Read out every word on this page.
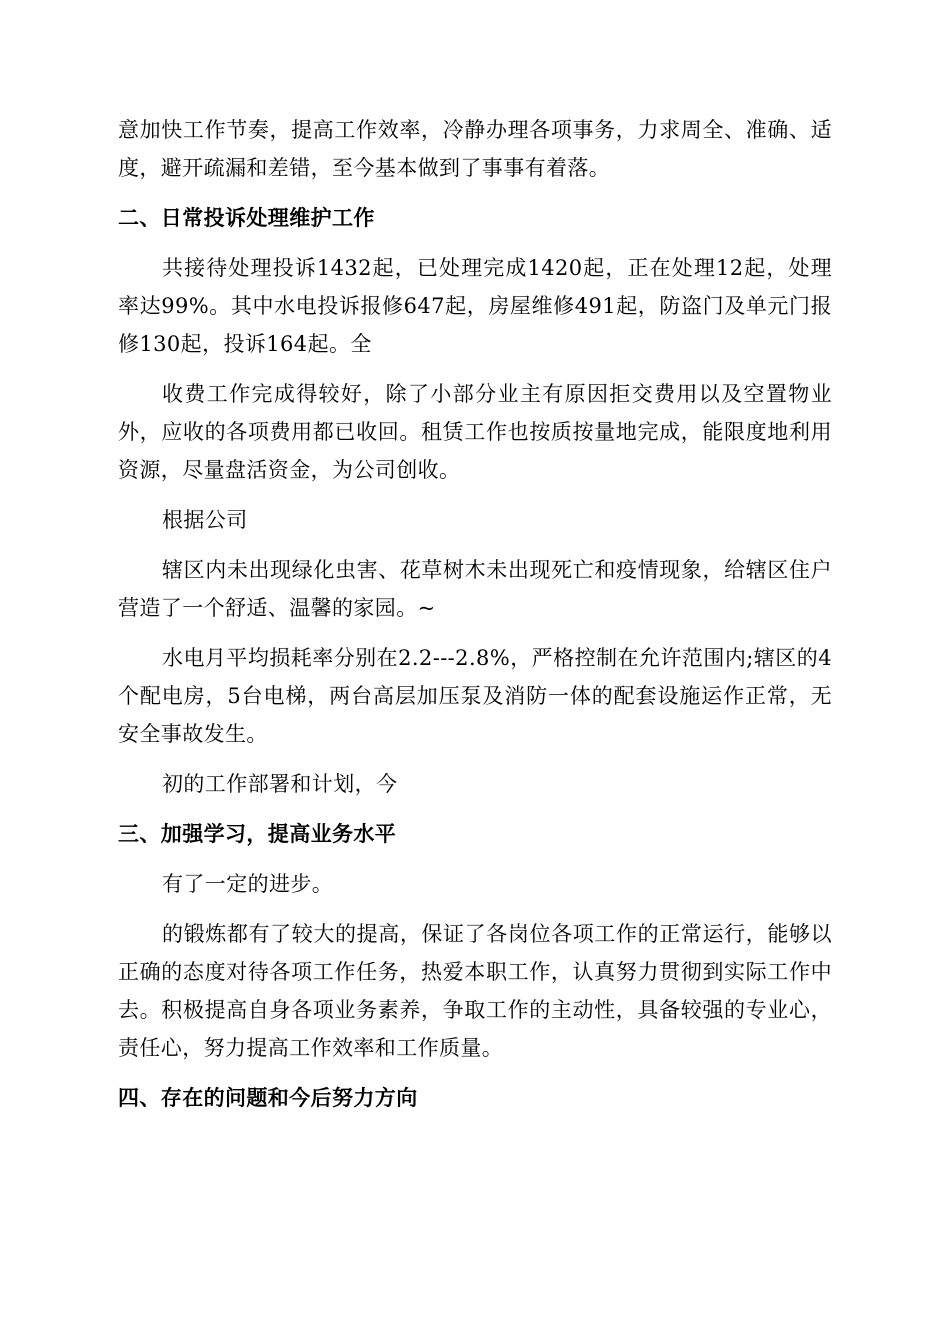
意加快工作节奏，提高工作效率，冷静办理各项事务，力求周全、准确、适度，避开疏漏和差错，至今基本做到了事事有着落。

二、日常投诉处理维护工作

共接待处理投诉1432起，已处理完成1420起，正在处理12起，处理率达99%。其中水电投诉报修647起，房屋维修491起，防盗门及单元门报修130起，投诉164起。全

收费工作完成得较好，除了小部分业主有原因拒交费用以及空置物业外，应收的各项费用都已收回。租赁工作也按质按量地完成，能限度地利用资源，尽量盘活资金，为公司创收。

根据公司

辖区内未出现绿化虫害、花草树木未出现死亡和疫情现象，给辖区住户营造了一个舒适、温馨的家园。~

水电月平均损耗率分别在2.2---2.8%，严格控制在允许范围内;辖区的4个配电房，5台电梯，两台高层加压泵及消防一体的配套设施运作正常，无安全事故发生。

初的工作部署和计划，今

三、加强学习，提高业务水平

有了一定的进步。

的锻炼都有了较大的提高，保证了各岗位各项工作的正常运行，能够以正确的态度对待各项工作任务，热爱本职工作，认真努力贯彻到实际工作中去。积极提高自身各项业务素养，争取工作的主动性，具备较强的专业心，责任心，努力提高工作效率和工作质量。

四、存在的问题和今后努力方向
